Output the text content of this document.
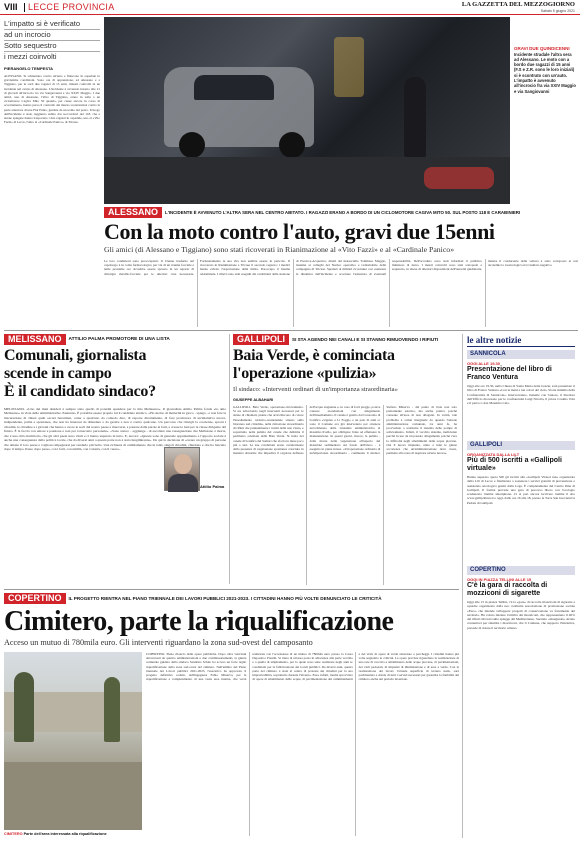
VIII LECCE PROVINCIA	LA GAZZETTA DEL MEZZOGIORNO
Sabato 5 giugno 2021
L'impatto si è verificato
ad un incrocio
Sotto sequestro
i mezzi coinvolti
PIERANGELO TEMPESTA
ALESSANO. Si schiantano contro un'auto e finiscono in ospedale in gravissime condizioni. Sono ore di apprensione, ad Alessano e a Tiggiano, per le sorti due ragazzi di 15 anni, rimasti coinvolti in un incidente nel centro di Alessano. L'incidente è avvenuto intorno alle 21 di giovedì all'incrocio tra via Sangiovanni e via XXIV Maggio. I due amici, uno di Alessano, l'altro di Tiggiano, erano in sella a un ciclomotore Cagiva Mito 50 quando, per cause ancora in corso di accertamento, hanno perso il controllo del mezzo scontrandosi contro la parte anteriore di una Fiat Punto, guidata da un uomo del posto. Il luogo dell'incidente è stato raggiunto subito dai soccorritori del 118, che a sirene spiegate hanno trasportato i due ragazzi in ospedale, uno al «Vito Fazzi» di Lecce, l'altro al «Cardinale Panico» di Tricase.
GRAVI DUE QUINDICENNI
Incidente stradale l'altra sera ad Alessano. Le moto con a bordo due ragazzi di 15 anni (F.S e Z.R. sono le loro iniziali) si è scontrato con un'auto. L'impatto è avvenuto all'incrocio fra via XXIV Maggio e via Sangiovanni
ALESSANO	L'INCIDENTE È AVVENUTO L'ALTRA SERA NEL CENTRO ABITATO. I RAGAZZI ERANO A BORDO DI UN CICLOMOTORE CAGIVA MITO 50. SUL POSTO 118 E CARABINIERI
Con la moto contro l'auto, gravi due 15enni
Gli amici (di Alessano e Tiggiano) sono stati ricoverati in Rianimazione al «Vito Fazzi» e al «Cardinale Panico»
Le loro condizioni sono preoccupanti. Il 15enne trasferito nel capoluogo è in coma farmacologico per via di un trauma facciale e nelle prossime ore dovrebbe essere sposato in un reparto di chirurgia maxillo-facciale per le ulteriori cure necessarie. Fortunatamente la sua vita non sembra essere in pericolo. Il ricoverato in Rianimazione a Tricase il secondo ragazzo: i medici hanno evitato l'asportazione della milza. Preoccupa il trauma addominale. I rilievi sono stati eseguiti dai carabinieri della stazione di Presicce-Acquarica, diretti dal maresciallo Tommaso Maggio, insieme ai colleghi del Nucleo operativo e radiomobile della compagnia di Tricase. Spetterà ai militari ricostruire con esattezza la dinamica dell'incidente e accertare l'esistenza di eventuali responsabilità. Dell'accaduto sono stati informati il pubblico ministero di turno. I mezzi coinvolti sono stati sottoposti a sequestro, in attesa di ulteriori disposizioni dell'autorità giudiziaria, mentre il conducente della vettura è stato sottoposto ai test alcolemici e tossicologici ed è risultato negativo.
MELISSANO	ATTILIO PALMA PROMOTORE DI UNA LISTA
Comunali, giornalista
scende in campo
È il candidato sindaco?
MELISSANO. «Uno dei miei desideri è sempre stato quello di potermi spendere per la mia Melissano». Il giornalista Attilio Palma fonda «Io amo Melissano» in vista delle amministrative d'autunno. È potrebbe essere proprio lui il candidato sindaco. «Ho deciso di mettermi in gioco - spiega - e non fare la macerazione di chiusi quali oscuri burattinai, come a qualcuno da comodo dire, di esporre direttamente, di fare promotore di un'iniziativa nuova, indipendente, pulita e spontanea, che non ha interessi da difendere o da gestire e non è contro qualcuno. Un percorso che rinvigli la coscienze, spronì i cittadini, le cittadine e i giovani che hanno a cuore le sorti del nostro paese a muoversi, a passare dalla parole ai fatti, a creare le basi per la classe dirigente del futuro. È la faccia con amore e passione e non per tornaconto personale». «Sono stanco - aggiunge - di ascoltare una rassegnazione che Melissano è morta, che è una città dormitorio, che gli altri paesi sono vitali e ci hanno superato in tutto. E, ancora: «Queste sono di generale appuntamento e l'apporto sociale è anche una conseguenza della politica locale, che da diversi anni a questa parte non è stata lungimirante». Da qui la decisione di «creare un gruppo di persone che amano il loro paese e vogliono impegnarsi per renderlo più bello. Una richiesta di cambiamento che in tanti, singoli cittadini, chiedono e che ho lanciato dopo il tempo. Passo dopo passo, con i fatti, con umiltà, con volontà, con il cuore».
Attilio Palma
GALLIPOLI	SI STA AGENDO NEI CANALI E SI STANNO RIMUOVENDO I RIFIUTI
Baia Verde, è cominciata
l'operazione «pulizia»
Il sindaco: «Interventi ordinari di un'importanza straordinaria»
GIUSEPPE ALBAHARI
GALLIPOLI. Baia Verde, operazione-ritrovamento. Si sta articolando negli interventi necessari per le alzate di chiamati, piante che arricchiscono di colore l'insediamento turistico-residenziale situato sulla litoranea sud cittadina, nella rimozione straordinaria di rifiuti che puntualmente i turisti della rete viaria, e soprattutto nella pulizia del canale che delimita il perimetro orientale della Baia Verde. Si tratta del canale di bonifica del Samari che sfocia in mare poco più a sud. Le sue condizioni erano caratterizzate dalla presenza di vegetazione spontanea cresciuta in maniera abnorme che impediva il regolare deflusso dell'acqua stagnante e, in caso di forti piogge, poteva causare esondazioni con allagamento dell'insediamento. Il canale è gestito dal Consorzio di bonifica «Ugento e Li Foggi» e un paio di anni or sono il Comune era già intervenuto per ottenere un'ordinanza della Giustizia amministrativa al massimo livello, per obbligare l'ente ad effettuare la manutenzione. In questi giorni, invece, la pulizia - dalle sbarre della vegetazione all'asporto del materiale sedimentato sul fondo dell'alveo - è eseguita in piena intesa. «Un'operazione ordinaria di un'importanza straordinaria - commenta il sindaco Stefano Minerva - dal punto di vista non solo prettamente estetico, ma anche pratico poiché consente all'area di non allagarsi. In verità, tale problema è ormai marginale da quando l'attuale amministrazione comunale, tre anni fa, ha provveduto a sostituire il sistema delle pompe di sollevamento. Infatti, il vecchio sistema, ineficiente perché in uso da un passato allagamento poiché c'era la difficoltà negli smaltimenti delle acque piovane. Ora il nuovo impianto, unito a tutte le giuste accortezze che un'amministrazione deve avere, permette alla zona di respirare un'aria nuova».
le altre notizie
SANNICOLA
OGGI ALLE 19.30
Presentazione del libro di Franco Ventura
Oggi alle ore 19.30, nella Chiesa di Santa Maria delle Grazie, sarà presentato il libro di Franco Ventura «Con le mani e nei colori del cielo. Storie minima della Confraternita di Sannicola». Interverranno, insieme con l'autore, il direttore dell'Ufficio diocesano per le confraternite Luigi Nicolia, il priore Cosimo Tolu e il parroco don Massimo Cala.
GALLIPOLI
ORGANIZZATA DALLA LILT
Più di 500 iscritti a «Gallipoli virtuale»
Hanno superato quota 500 gli iscritti alla «Gallipoli Virtual run» organizzata dalla Lilt di Lecce e finalizzata a sostenere i servizi gratuiti di prevenzione e assistenza oncologica gestiti dalla Lega. È completamente del Centro Ilma di Gallipoli. Il format prevede una gara di percorso libero con l'orologio scadenzato tramite smartphone. Ci si può ancora iscrivere tramite il sito www.gallipolirun.it e oggi, dalle ore 16 alle 18, presso la Torre San Giovanni la Pedata di Gallipoli.
COPERTINO
OGGI IN PIAZZA TELLINI ALLE 15
C'è la gara di raccolta di mozziconi di sigarette
Oggi alle 15 in piazza Tellini, c'è la «gara» di raccolta mozziconi di sigarette a squadre organizzata dalla neo costituita associazione di promozione sociale «Faro» che intende sviluppare progetti di conservazione va fortemente del territorio. Ha voluto iniziare l'attività dai mozziconi, che rappresentano il 40% dei rifiuti ritrovati sulle spiagge del Mediterraneo. Saranno «inaugurati» alcuno contenitori per smaltire i mozziconi, che il Comune, che supporta l'iniziativa, prevede di dotare il territorio urbano.
COPERTINO	IL PROGETTO RIENTRA NEL PIANO TRIENNALE DEI LAVORI PUBBLICI 2021-2023. I CITTADINI HANNO PIÙ VOLTE DENUNCIATO LE CRITICITÀ
Cimitero, parte la riqualificazione
Acceso un mutuo di 780mila euro. Gli interventi riguardano la zona sud-ovest del camposanto
CIMITERO Parte dell'area interessata alla riqualificazione
COPERTINO. Pieno rilancio delle opere pubbliche. Dopo oltre vent'anni attraversati da quattro amministrazioni e due commissariamenti, la giunta comunale guidata dalla sindaca Sandrina Schito ha acceso un forte taglio riqualificazione della zona sud-ovest del cimitero. Nell'ambito del Piano triennale dei Lavori pubblici 2021-2023, l'esecutivo ha approvato il progetto definitivo redatto dall'ingegnere Fabio Minerva, per la riqualificazione e completamento di una vasta area interna, che verrà realizzata con l'accensione di un mutuo di 780mila euro presso la Cassa Depositi e Prestiti. Si tratta di un'area posta in adiacenza alla parte vecchia e a quella di ampliamento, per la quale sono state realizzate negli anni le condizioni per la fabbricazione dei loculi pubblici. Da diversi anni, questa parte del cimitero è stata al centro di proteste dei cittadini per la sua impraticabilità, soprattutto durante l'inverno. Essa, infatti, risulta sprovvista di opere di smaltimento delle acque, di pavimentazione dei camminamenti e dei viali, di opere di verde attrezzato e parcheggi. I cittadini hanno più volte segnalato le criticità. Le opere previste riguardano la realizzazione di una rete di raccolta e smaltimento delle acque piovane, di pavimentazioni, dei viali pedonali, di impianti di illuminazione e di aree a verde. Con la realizzazione dei lavori, l'attuale superficie di terreno nudo, sarà pavimentata e dotata di tutti i servizi necessari per garantire la fruibilità del cimitero anche nel periodo invernale.
